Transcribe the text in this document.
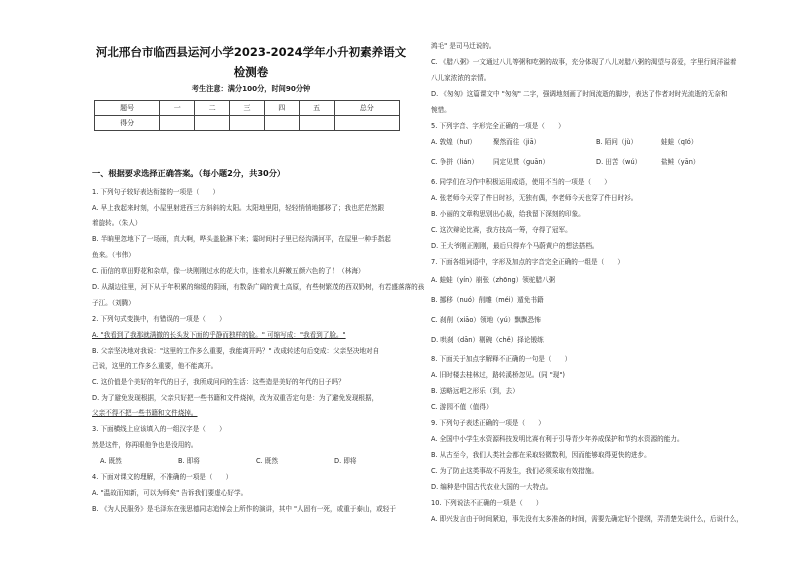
河北邢台市临西县运河小学2023-2024学年小升初素养语文
检测卷
考生注意：满分100分，时间90分钟
题号	一	二	三	四	五	总分
得分						
一、根据要求选择正确答案。（每小题2分，共30分）
1. 下列句子较好表达衔接的一项是（　　）
A. 早上我起来时刻，小屋里射进西三方斜斜的太阳。太阳地里阳，轻轻悄悄地挪移了；我也茫茫然跟
着旋转。（朱人）
B. 半晌里忽地下了一场雨，真大啊，哗头盖脸淋下来；霎时间村子里已经沟满河平，在屋里一种手指起
鱼来。（韦伟）
C. 而信的草田野花和杂草，像一块刚刚过水的花大巾，连着水儿鲜嫩五颜六色的了！（林海）
D. 从湖边往里，河下从于年积累的绵缓的阴雨，有数条广阔的黄土高原，有些树繁茂的西双奶树，有若盛落落的孩
子江。（刘腾）
2. 下列句式变换中，有错误的一项是（　　）
A. "我看到了我那就满撤的长头发下面的乎静而独样的脸。" 可缩写成："我看到了脸。"
B. 父亲坚决地对我说："这里的工作多么重要，我能离开吗？" 改成转述句后变成：父亲坚决地对自
己说，这里的工作多么重要，他不能离开。
C. 这价值是个美好的年代的日子，我所成问问的生活：这些造是美好的年代的日子吗？
D. 为了避免发现根据，父亲只好把一些书籍和文件烧掉，改为双重否定句是：为了避免发现根据，
父亲不得不把一些书籍和文件烧掉。
3. 下面横线上应该填入的一组汉字是（　　）
然是这件，你再眼他争也是没用的。
A. 既然	B. 即将	C. 既然	D. 即将
4. 下面对课文的理解，不准确的一项是（　　）
A. "温故而知新，可以为师矣" 告诉我们要虚心好学。
B. 《为人民服务》是毛泽东在张思德同志追悼会上所作的演讲，其中 "人固有一死，或重于泰山，或轻于
鸿毛" 是司马迁说的。
C. 《腊八粥》一文通过八儿等粥和吃粥的故事，充分体现了八儿对腊八粥的渴望与喜爱，字里行间洋溢着
八儿家浓浓的亲情。
D. 《匆匆》这篇课文中 "匆匆" 二字，强调地刻画了时间流逝的脚步，表达了作者对时光流逝的无奈和
惋惜。
5. 下列字音、字形完全正确的一项是（　　）
A. 敦煌（huī）	聚然而往（jiā）	B. 陌问（jù）	蛙蛙（qīó）
C. 争拼（lián） 同定见贯（guān）	D. 田苦（wú）	盐鲑（yān）
6. 同学们在习作中积极运用成语，使用不当的一项是（　　）
A. 张老师今天穿了件日时衫，无独有偶，李老师今天也穿了件日时衫。
B. 小丽的文章构思别出心裁，给我留下深刻的印象。
C. 这次辩论比赛，我方技高一筹，夺得了冠军。
D. 王大爷刚正刚刚，最后只得弃个马蔚黄户的想法搭档。
7. 下面各组词语中，字形及加点的字音完全正确的一组是（　　）
A. 蛙蛙（yín）崩张（zhōng）领驼腊八粥
B. 挪移（nuó）削雕（méi）遁免书籍
C. 刹削（xiāo）领地（yú）飘飘恐怖
D. 哄刹（dān）剔碗（chě）择论锻练
8. 下面关于加点字解释不正确的一句是（　　）
A. 旧时楼去桂林过，路转溪桥忽见。(同 "现")
B. 送略远吧之形乐（到，去）
C. 游园不值（值得）
9. 下列句子表述正确的一项是（　　）
A. 全国中小学生水资源科技发明比赛有利于引导青少年养成保护和节约水资源的能力。
B. 从古至今，我们人类社会都在采取轻微数利，因而能够取得更快的进步。
C. 为了防止这类事故不再发生，我们必须采取有效措施。
D. 编种是中国古代农业大国的一大特点。
10. 下列说法不正确的一项是（　　）
A. 即兴发言由于时间紧迫，事先没有太多准备的时间，需要先确定好个提纲，弄清楚先说什么，后说什么，
